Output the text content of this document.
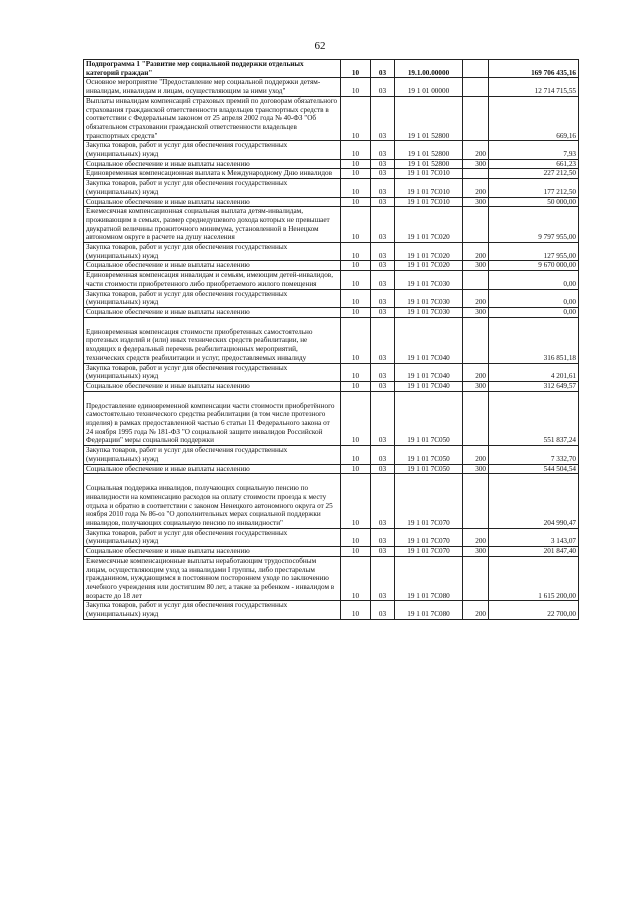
62
Подпрограмма 1 "Развитие мер социальной поддержки отдельных категорий граждан"	10	03	19.1.00.00000		169 706 435,16
Основное мероприятие "Предоставление мер социальной поддержки детям-инвалидам, инвалидам и лицам, осуществляющим за ними уход"	10	03	19 1 01 00000		12 714 715,55
Выплаты инвалидам компенсаций страховых премий по договорам обязательного страхования гражданской ответственности владельцев транспортных средств в соответствии с Федеральным законом от 25 апреля 2002 года № 40-ФЗ "Об обязательном страховании гражданской ответственности владельцев транспортных средств"	10	03	19 1 01 52800		669,16
Закупка товаров, работ и услуг для обеспечения государственных (муниципальных) нужд	10	03	19 1 01 52800	200	7,93
Социальное обеспечение и иные выплаты населению	10	03	19 1 01 52800	300	661,23
Единовременная компенсационная выплата к Международному Дню инвалидов	10	03	19 1 01 7С010		227 212,50
Закупка товаров, работ и услуг для обеспечения государственных (муниципальных) нужд	10	03	19 1 01 7С010	200	177 212,50
Социальное обеспечение и иные выплаты населению	10	03	19 1 01 7С010	300	50 000,00
Ежемесячная компенсационная социальная выплата детям-инвалидам, проживающим в семьях, размер среднедушевого дохода которых не превышает двукратной величины прожиточного минимума, установленной в Ненецком автономном округе в расчете на душу населения	10	03	19 1 01 7С020		9 797 955,00
Закупка товаров, работ и услуг для обеспечения государственных (муниципальных) нужд	10	03	19 1 01 7С020	200	127 955,00
Социальное обеспечение и иные выплаты населению	10	03	19 1 01 7С020	300	9 670 000,00
Единовременная компенсация инвалидам и семьям, имеющим детей-инвалидов, части стоимости приобретенного либо приобретаемого жилого помещения	10	03	19 1 01 7С030		0,00
Закупка товаров, работ и услуг для обеспечения государственных (муниципальных) нужд	10	03	19 1 01 7С030	200	0,00
Социальное обеспечение и иные выплаты населению	10	03	19 1 01 7С030	300	0,00
Единовременная компенсация стоимости приобретенных самостоятельно протезных изделий и (или) иных технических средств реабилитации, не входящих в федеральный перечень реабилитационных мероприятий, технических средств реабилитации и услуг, предоставляемых инвалиду	10	03	19 1 01 7С040		316 851,18
Закупка товаров, работ и услуг для обеспечения государственных (муниципальных) нужд	10	03	19 1 01 7С040	200	4 201,61
Социальное обеспечение и иные выплаты населению	10	03	19 1 01 7С040	300	312 649,57
Предоставление единовременной компенсации части стоимости приобретённого самостоятельно технического средства реабилитации (в том числе протезного изделия) в рамках предоставленной частью 6 статьи 11 Федерального закона от 24 ноября 1995 года № 181-ФЗ "О социальной защите инвалидов Российской Федерации" меры социальной поддержки	10	03	19 1 01 7С050		551 837,24
Закупка товаров, работ и услуг для обеспечения государственных (муниципальных) нужд	10	03	19 1 01 7С050	200	7 332,70
Социальное обеспечение и иные выплаты населению	10	03	19 1 01 7С050	300	544 504,54
Социальная поддержка инвалидов, получающих социальную пенсию по инвалидности на компенсацию расходов на оплату стоимости проезда к месту отдыха и обратно в соответствии с законом Ненецкого автономного округа от 25 ноября 2010 года № 86-оз "О дополнительных мерах социальной поддержки инвалидов, получающих социальную пенсию по инвалидности"	10	03	19 1 01 7С070		204 990,47
Закупка товаров, работ и услуг для обеспечения государственных (муниципальных) нужд	10	03	19 1 01 7С070	200	3 143,07
Социальное обеспечение и иные выплаты населению	10	03	19 1 01 7С070	300	201 847,40
Ежемесячные компенсационные выплаты неработающим трудоспособным лицам, осуществляющим уход за инвалидами I группы, либо престарелым гражданином, нуждающимся в постоянном постороннем уходе по заключению лечебного учреждения или достигшим 80 лет, а также за ребенком - инвалидом в возрасте до 18 лет	10	03	19 1 01 7С080		1 615 200,00
Закупка товаров, работ и услуг для обеспечения государственных (муниципальных) нужд	10	03	19 1 01 7С080	200	22 700,00
